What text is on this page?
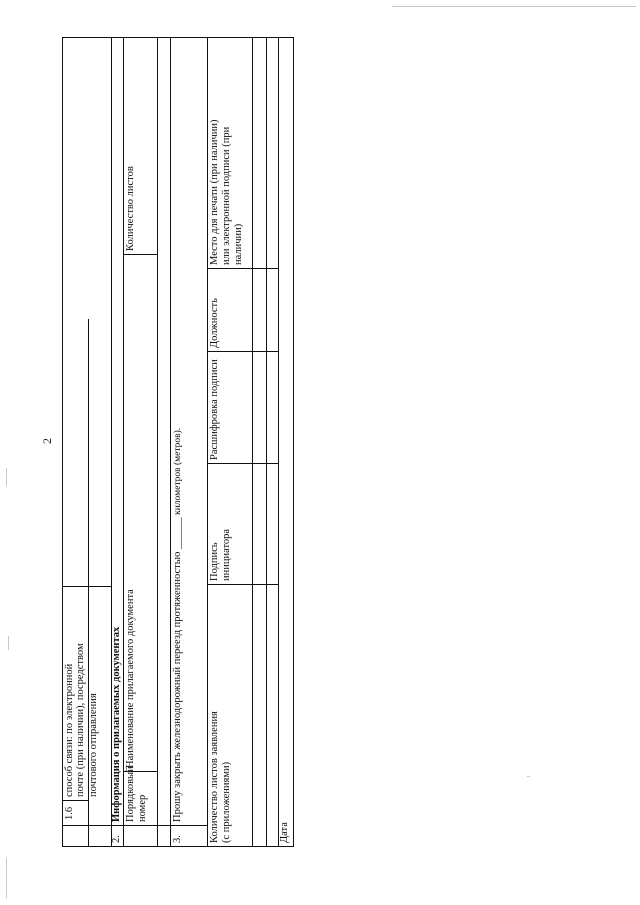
2
1.6
способ связи: по электронной почте (при наличии), посредством почтового отправления
2.
Информация о прилагаемых документах Порядковый номер
Наименование прилагаемого документа
Количество листов
3.
Прошу закрыть железнодорожный переезд протяженностью ______ километров (метров).
Количество листов заявления (с приложениями)
Подпись инициатора
Расшифровка подписи
Должность
Место для печати (при наличии) или электронной подписи (при наличии)
Дата
